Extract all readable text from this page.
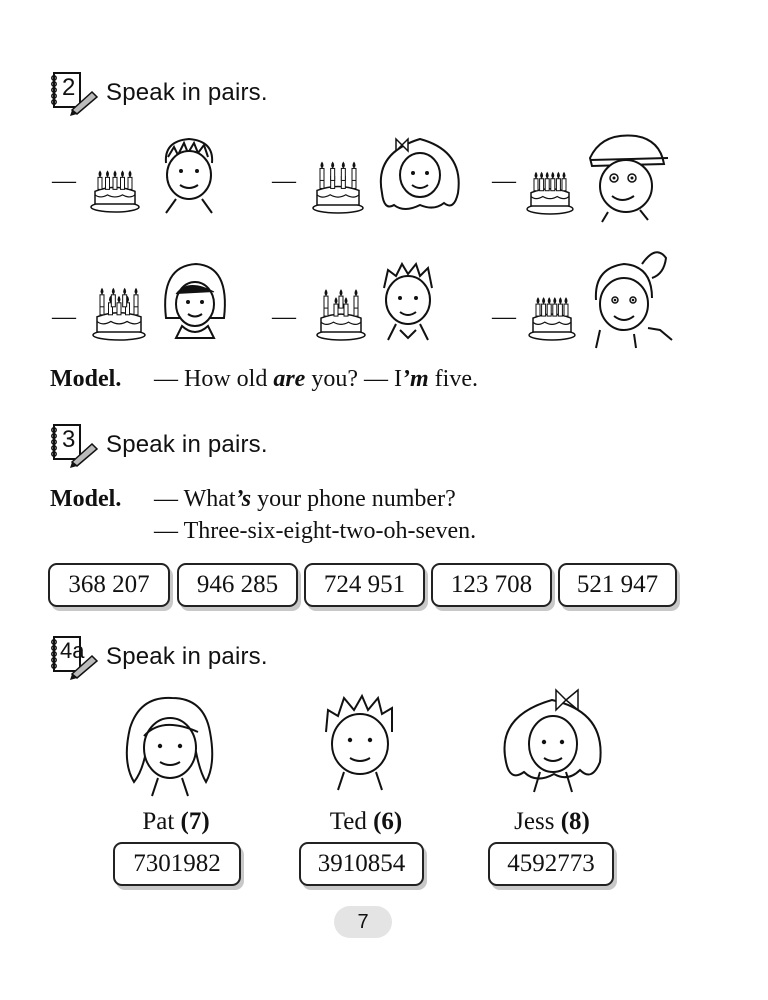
2 Speak in pairs.
—	—	—
—	—	—
Model. — How old are you? — I’m five.
3 Speak in pairs.
Model. — What’s your phone number?
— Three-six-eight-two-oh-seven.
368 207	946 285	724 951	123 708	521 947
4a Speak in pairs.
Pat (7)	Ted (6)	Jess (8)
7301982	3910854	4592773
7
